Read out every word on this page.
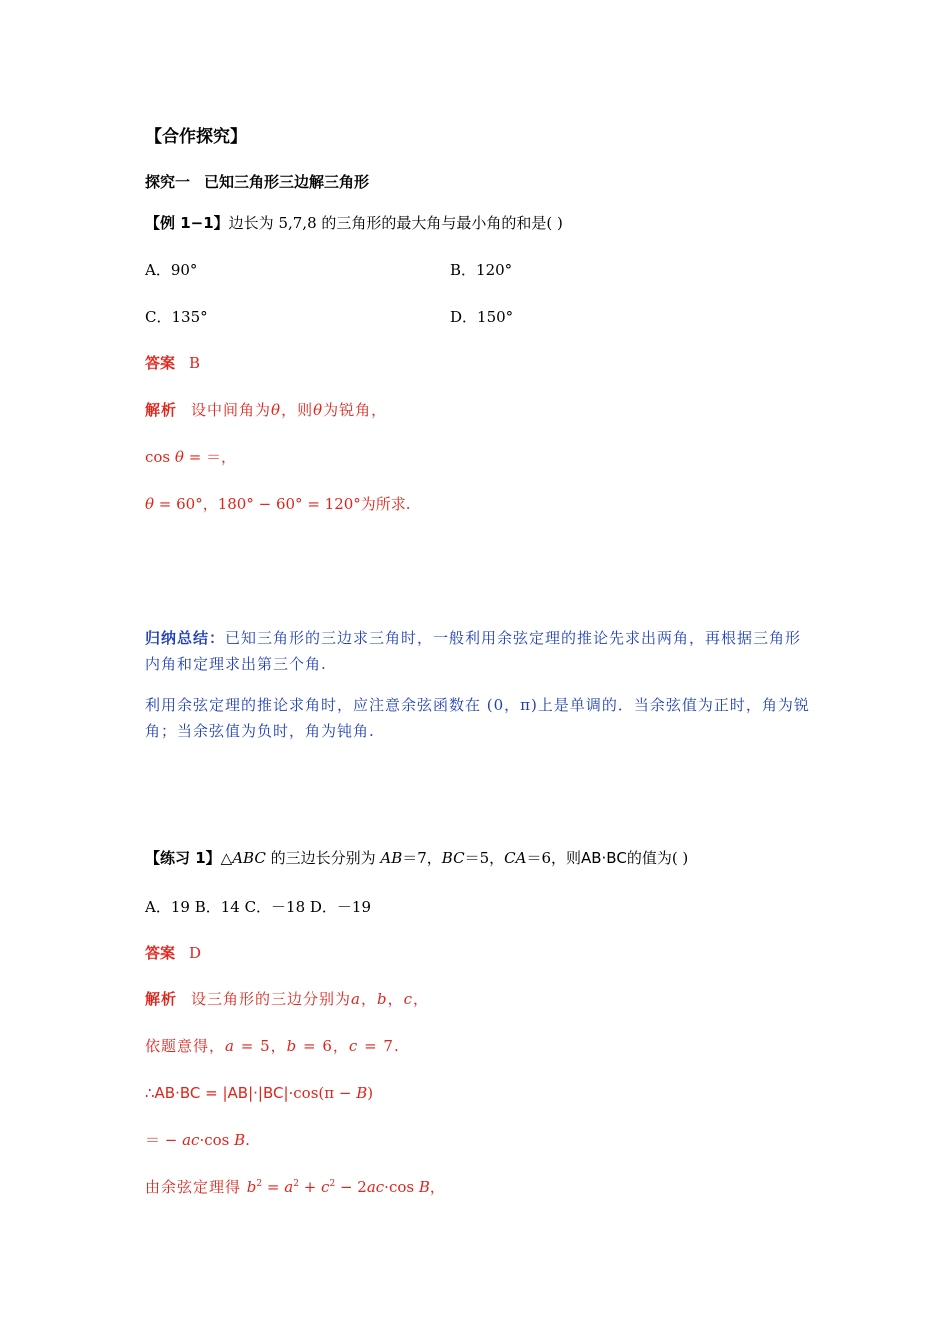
【合作探究】
探究一 已知三角形三边解三角形
【例 1−1】边长为 5,7,8 的三角形的最大角与最小角的和是( )
A．90°	B．120°
C．135°	D．150°
答案 B
解析 设中间角为θ，则θ为锐角，
cos θ = ＝，
θ = 60°，180° − 60° = 120°为所求.
归纳总结：已知三角形的三边求三角时，一般利用余弦定理的推论先求出两角，再根据三角形内角和定理求出第三个角.
利用余弦定理的推论求角时，应注意余弦函数在 (0，π)上是单调的．当余弦值为正时，角为锐角；当余弦值为负时，角为钝角.
【练习 1】△ABC 的三边长分别为 AB＝7，BC＝5，CA＝6，则AB·BC的值为( )
A．19 B．14 C．－18 D．－19
答案 D
解析 设三角形的三边分别为a，b，c，
依题意得，a = 5，b = 6，c = 7.
∴AB·BC = |AB|·|BC|·cos(π − B)
＝ − ac·cos B.
由余弦定理得 $b^2 = a^2 + c^2 - 2ac\cdot\cos$ B，
